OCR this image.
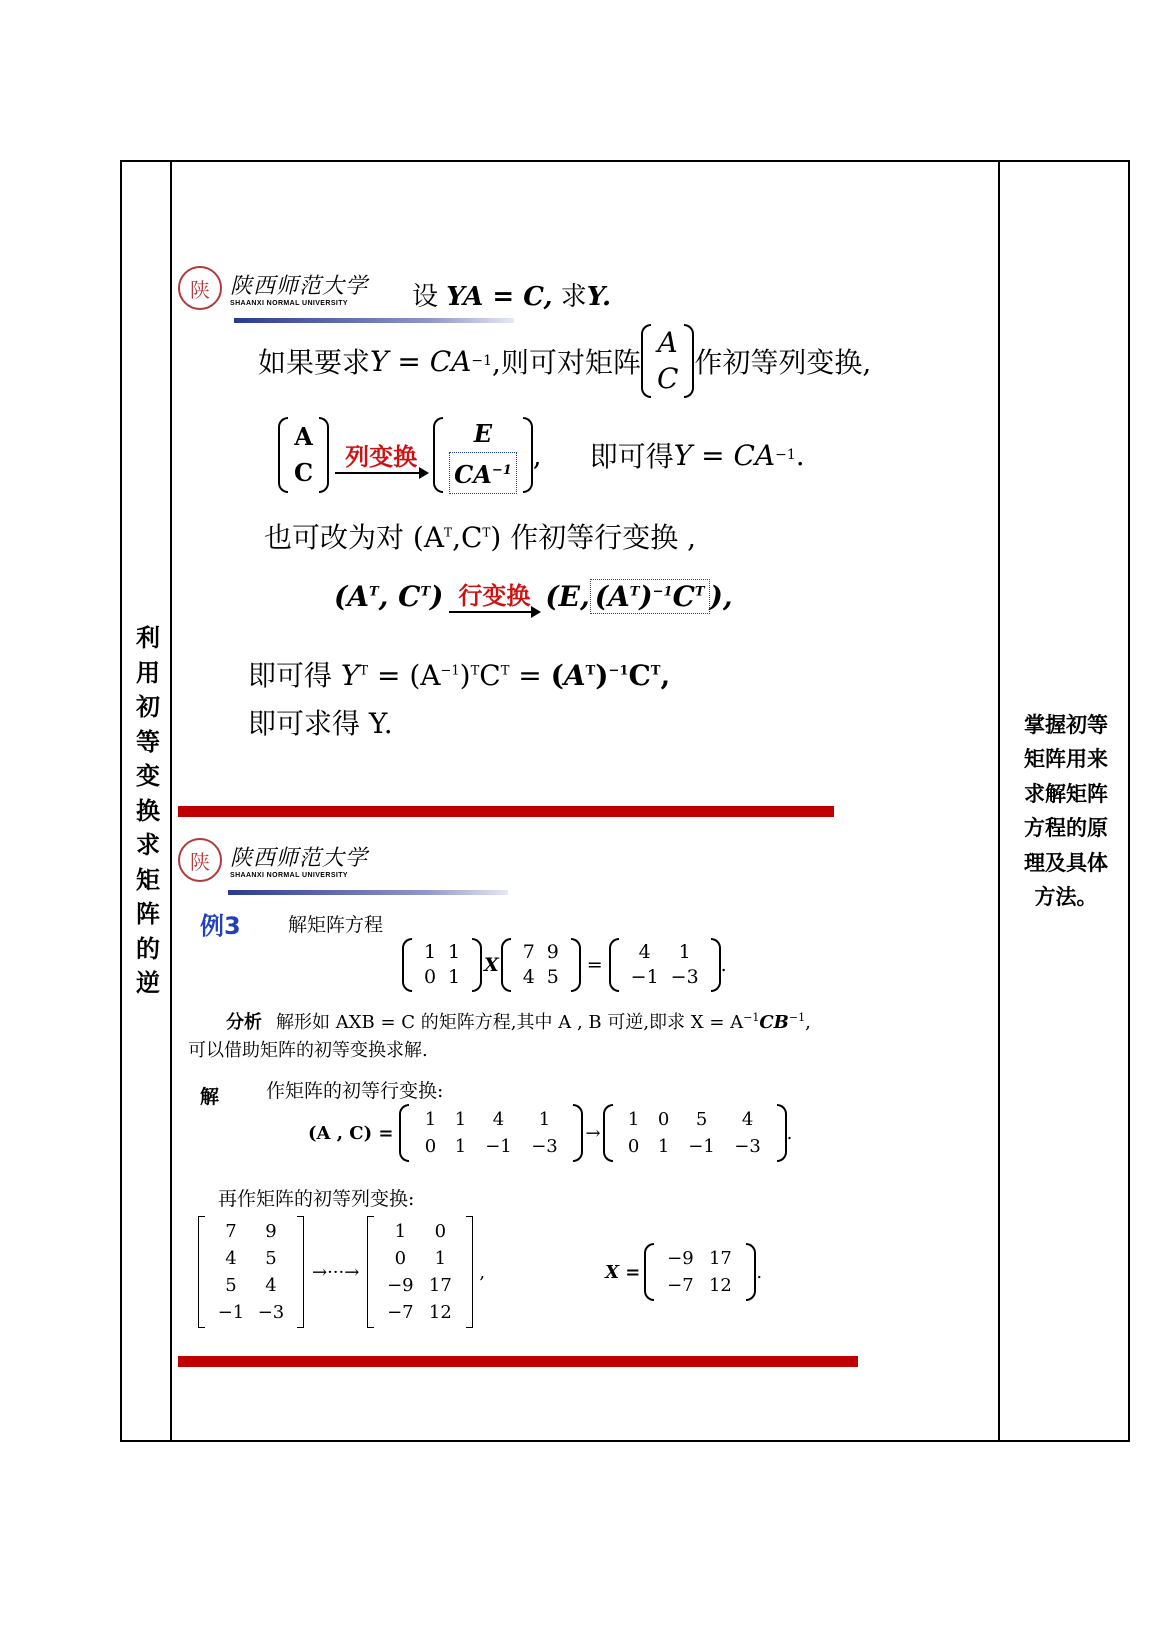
利用初等变换求矩阵的逆
掌握初等矩阵用来求解矩阵方程的原理及具体方法。
陕 陕西师范大学
SHAANXI NORMAL UNIVERSITY	设 YA = C, 求Y.
如果要求 Y = CA −1 ,则可对矩阵
A
C 作初等列变换,
A
C
列变换
E
$CA^{-1}$ , 即可得 Y = CA −1 .
也可改为对 $(A^T,C^T)$ 作初等行变换 ,
($A^T$, $C^T$) 行变换 (E, $(A^T)^{-1}C^T$ ),
即可得 $Y^T = (A^{-1})^TC^T = (A^T)^{-1}C^T$,
即可求得 Y.
陕 陕西师范大学
SHAANXI NORMAL UNIVERSITY
例3 解矩阵方程
1 1
0 1
X
7 9
4 5
=
4	1
−1 −3
.
分析 解形如 AXB = C 的矩阵方程,其中 A , B 可逆,即求 $X = A^{-1}CB^{-1}$,
可以借助矩阵的初等变换求解.
解 作矩阵的初等行变换:
(A , C) =
1	1	4	1
0	1	−1	−3
→
1	0	5	4
0	1	−1	−3
.
再作矩阵的初等列变换:
7	9
4	5
5	4
−1 −3
→···→
1	0
0	1
−9 17
−7 12
,	X =
−9 17
−7 12
.
